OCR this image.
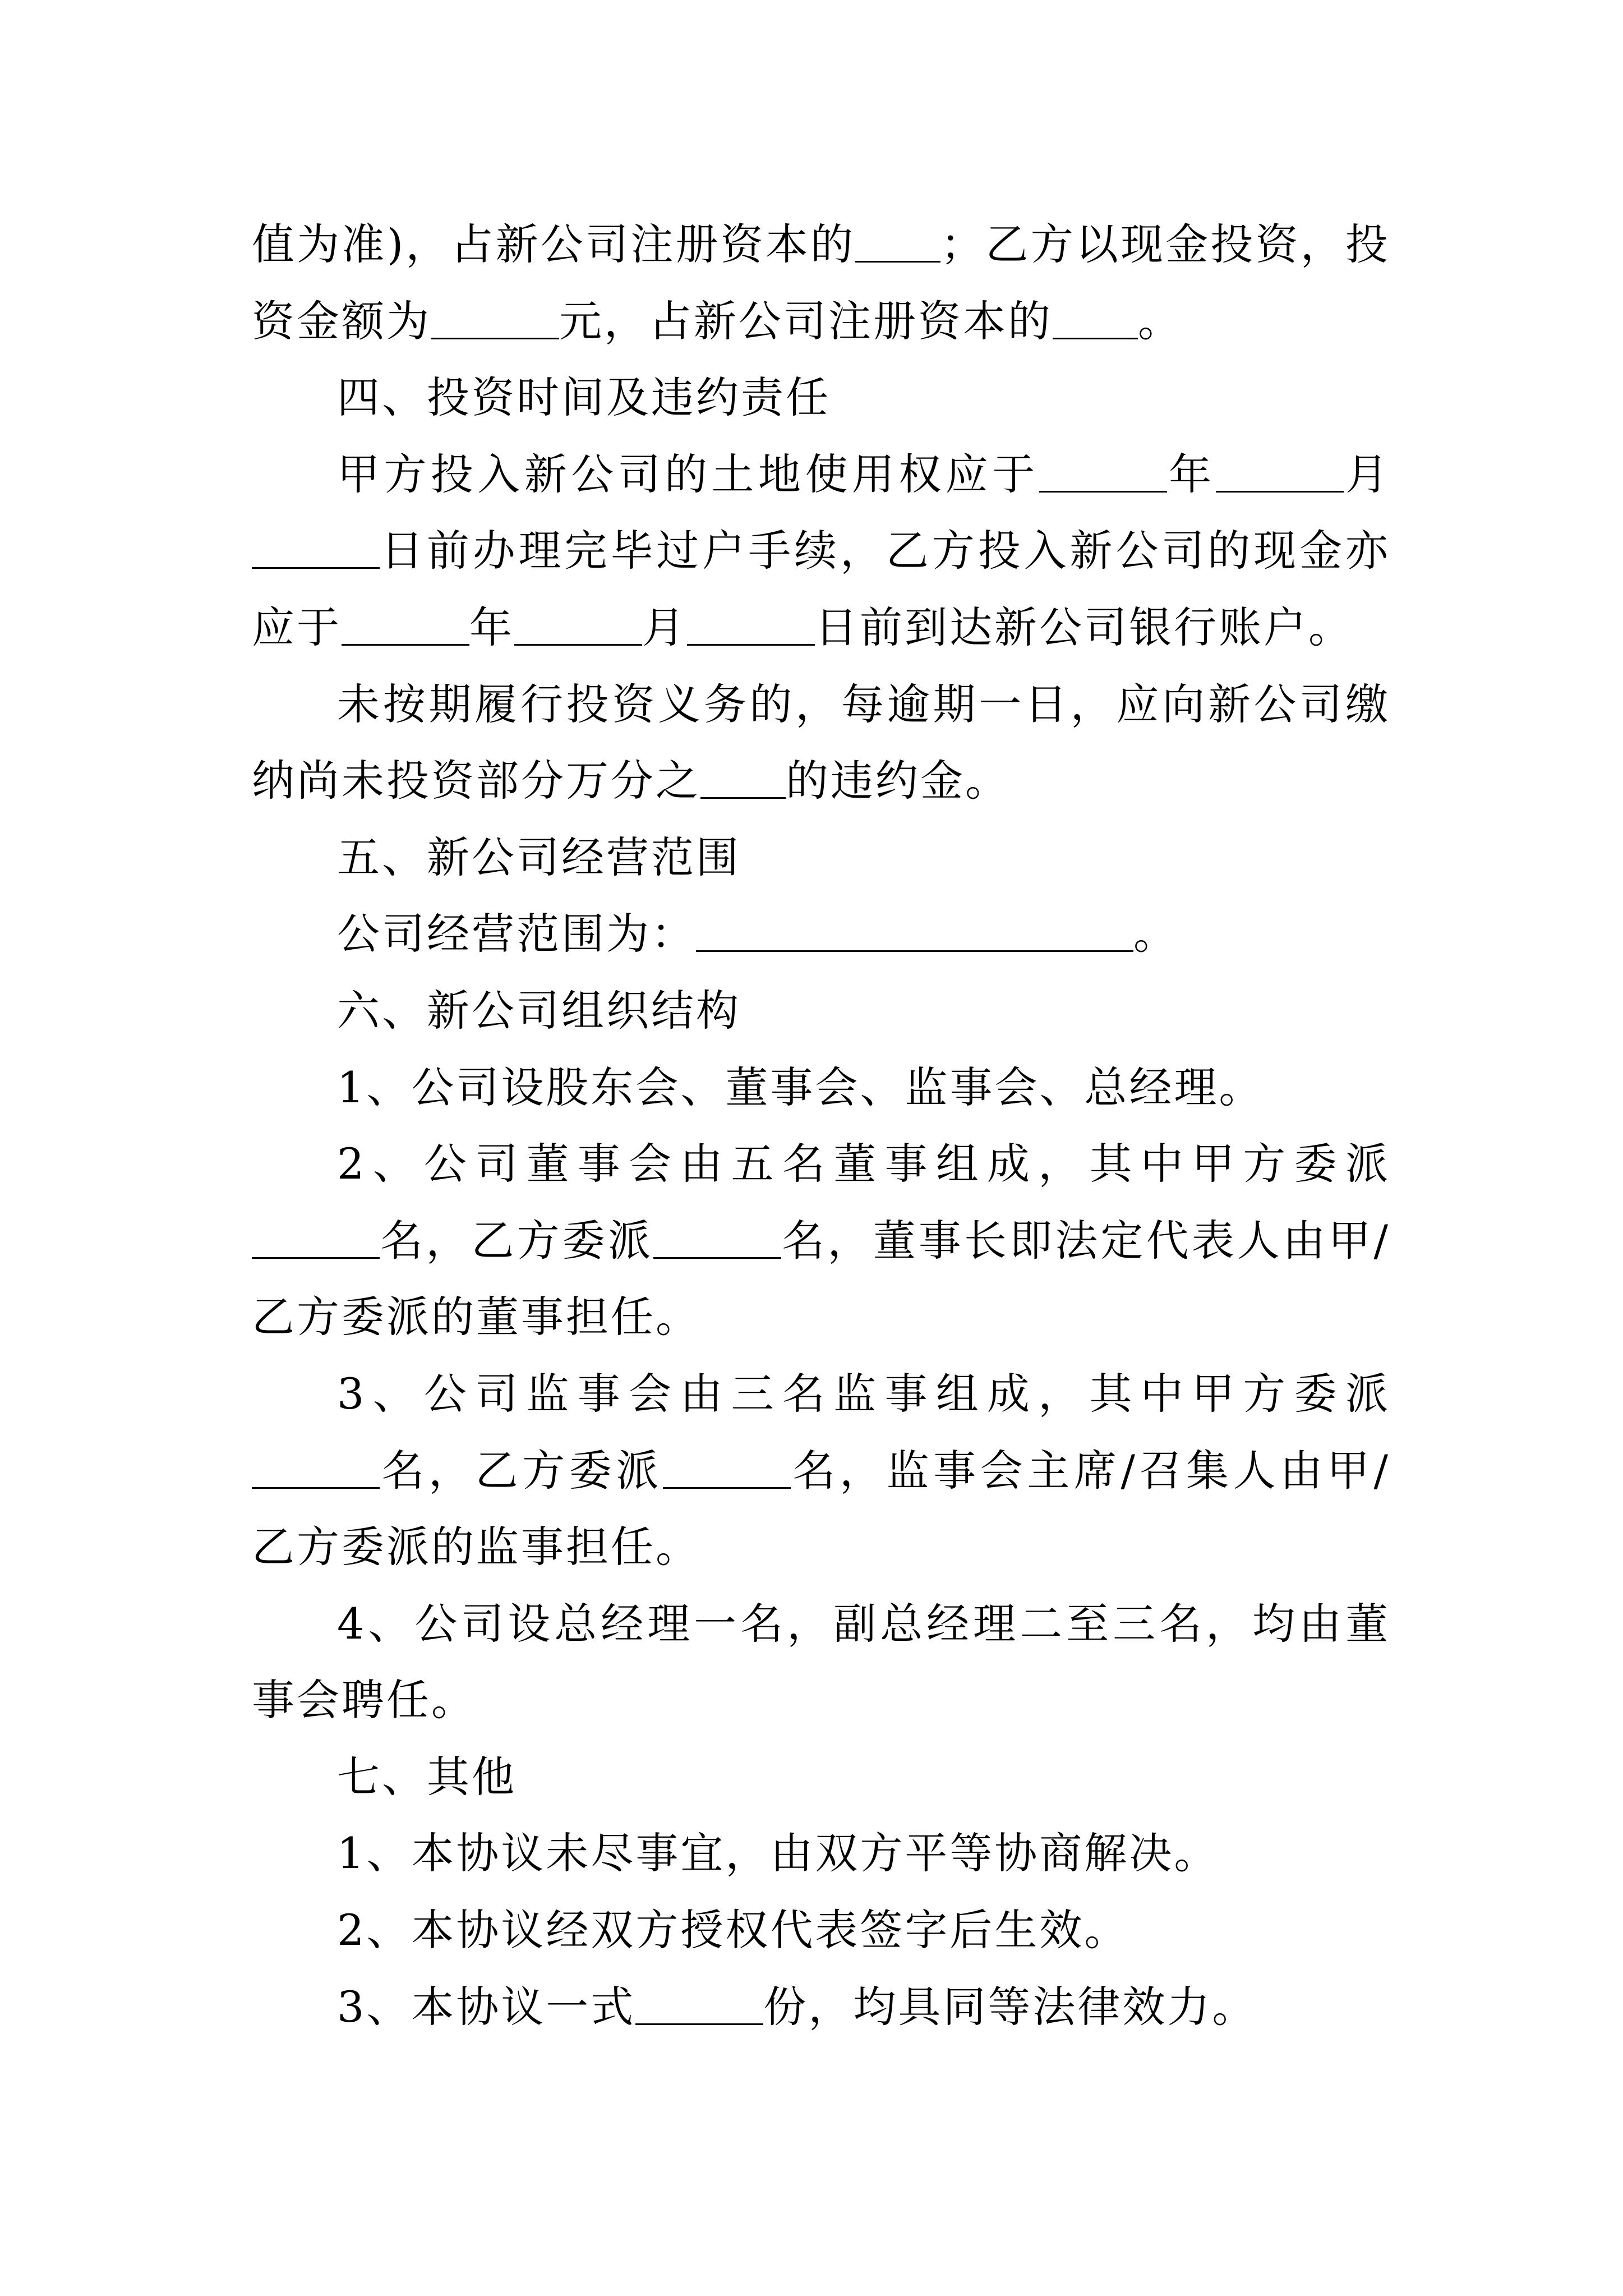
值为准)，占新公司注册资本的 ；乙方以现金投资，投资金额为	元，占新公司注册资本的 。

四、投资时间及违约责任

甲方投入新公司的土地使用权应于	年	月日前办理完毕过户手续，乙方投入新公司的现金亦应于	年	月	日前到达新公司银行账户。

未按期履行投资义务的，每逾期一日，应向新公司缴纳尚未投资部分万分之 的违约金。

五、新公司经营范围

公司经营范围为：	。

六、新公司组织结构

1、公司设股东会、董事会、监事会、总经理。

2、公司董事会由五名董事组成，其中甲方委派名，乙方委派	名，董事长即法定代表人由甲/乙方委派的董事担任。

3、公司监事会由三名监事组成，其中甲方委派名，乙方委派	名，监事会主席/召集人由甲/乙方委派的监事担任。

4、公司设总经理一名，副总经理二至三名，均由董事会聘任。

七、其他

1、本协议未尽事宜，由双方平等协商解决。

2、本协议经双方授权代表签字后生效。

3、本协议一式	份，均具同等法律效力。
